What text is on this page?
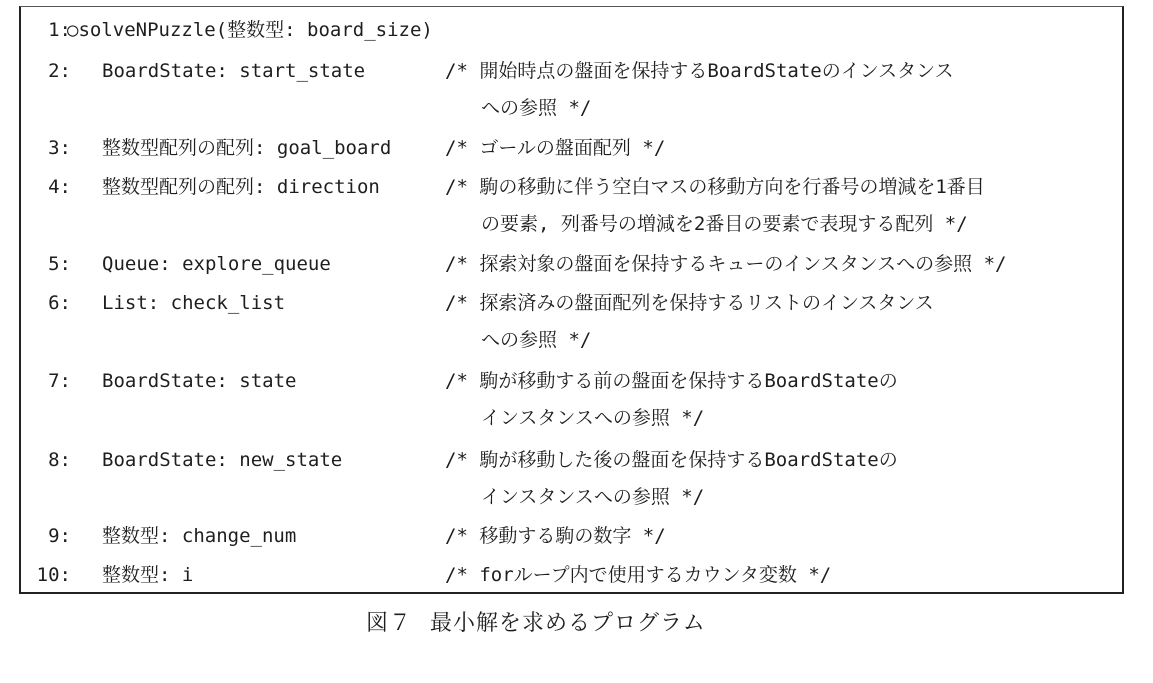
1:
○solveNPuzzle(整数型: board_size)
2: BoardState: start_state	/* 開始時点の盤面を保持するBoardStateのインスタンス
への参照 */
3: 整数型配列の配列: goal_board	/* ゴールの盤面配列 */
4: 整数型配列の配列: direction	/* 駒の移動に伴う空白マスの移動方向を行番号の増減を1番目
の要素, 列番号の増減を2番目の要素で表現する配列 */
5: Queue: explore_queue	/* 探索対象の盤面を保持するキューのインスタンスへの参照 */
6: List: check_list	/* 探索済みの盤面配列を保持するリストのインスタンス
への参照 */
7: BoardState: state	/* 駒が移動する前の盤面を保持するBoardStateの
インスタンスへの参照 */
8: BoardState: new_state	/* 駒が移動した後の盤面を保持するBoardStateの
インスタンスへの参照 */
9: 整数型: change_num	/* 移動する駒の数字 */
10: 整数型: i	/* forループ内で使用するカウンタ変数 */
図７ 最小解を求めるプログラム
